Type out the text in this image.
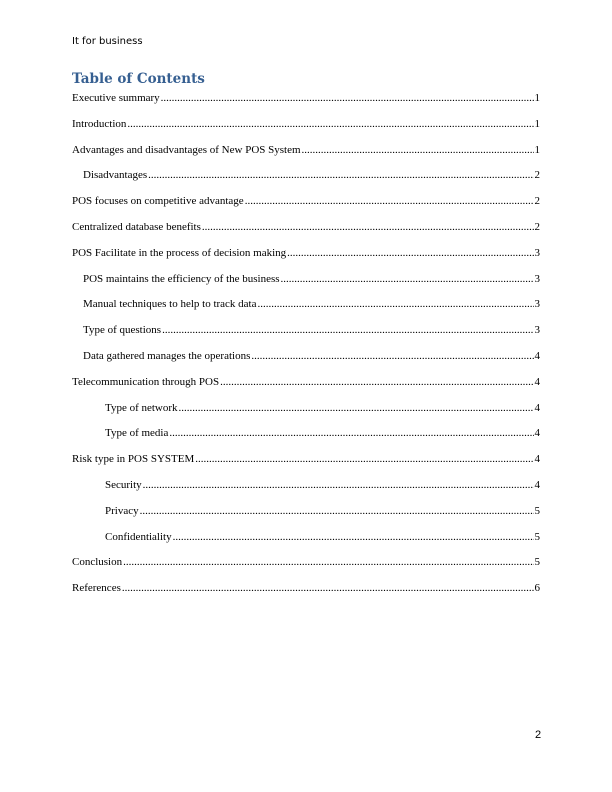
It for business
Table of Contents
Executive summary .....	1
Introduction .....	1
Advantages and disadvantages of New POS System .....	1
Disadvantages .....	2
POS focuses on competitive advantage .....	2
Centralized database benefits .....	2
POS Facilitate in the process of decision making .....	3
POS maintains the efficiency of the business .....	3
Manual techniques to help to track data .....	3
Type of questions .....	3
Data gathered manages the operations .....	4
Telecommunication through POS .....	4
Type of network .....	4
Type of media .....	4
Risk type in POS SYSTEM .....	4
Security .....	4
Privacy .....	5
Confidentiality .....	5
Conclusion .....	5
References .....	6
2
